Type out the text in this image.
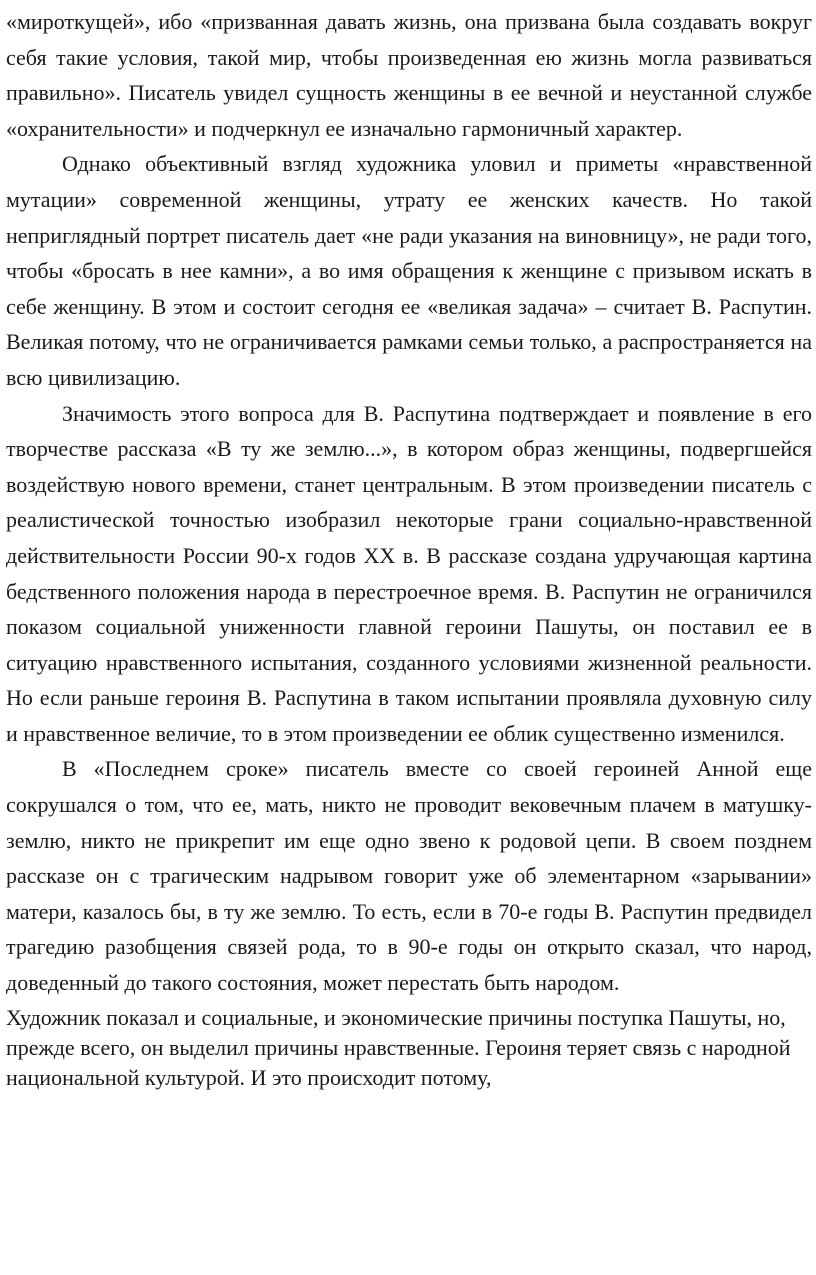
«мироткущей», ибо «призванная давать жизнь, она призвана была создавать вокруг себя такие условия, такой мир, чтобы произведенная ею жизнь могла развиваться правильно». Писатель увидел сущность женщины в ее вечной и неустанной службе «охранительности» и подчеркнул ее изначально гармоничный характер.

Однако объективный взгляд художника уловил и приметы «нравственной мутации» современной женщины, утрату ее женских качеств. Но такой неприглядный портрет писатель дает «не ради указания на виновницу», не ради того, чтобы «бросать в нее камни», а во имя обращения к женщине с призывом искать в себе женщину. В этом и состоит сегодня ее «великая задача» – считает В. Распутин. Великая потому, что не ограничивается рамками семьи только, а распространяется на всю цивилизацию.

Значимость этого вопроса для В. Распутина подтверждает и появление в его творчестве рассказа «В ту же землю...», в котором образ женщины, подвергшейся воздействую нового времени, станет центральным. В этом произведении писатель с реалистической точностью изобразил некоторые грани социально-нравственной действительности России 90-х годов XX в. В рассказе создана удручающая картина бедственного положения народа в перестроечное время. В. Распутин не ограничился показом социальной униженности главной героини Пашуты, он поставил ее в ситуацию нравственного испытания, созданного условиями жизненной реальности. Но если раньше героиня В. Распутина в таком испытании проявляла духовную силу и нравственное величие, то в этом произведении ее облик существенно изменился.

В «Последнем сроке» писатель вместе со своей героиней Анной еще сокрушался о том, что ее, мать, никто не проводит вековечным плачем в матушку-землю, никто не прикрепит им еще одно звено к родовой цепи. В своем позднем рассказе он с трагическим надрывом говорит уже об элементарном «зарывании» матери, казалось бы, в ту же землю. То есть, если в 70-е годы В. Распутин предвидел трагедию разобщения связей рода, то в 90-е годы он открыто сказал, что народ, доведенный до такого состояния, может перестать быть народом.

Художник показал и социальные, и экономические причины поступка Пашуты, но, прежде всего, он выделил причины нравственные. Героиня теряет связь с народной национальной культурой. И это происходит потому,
